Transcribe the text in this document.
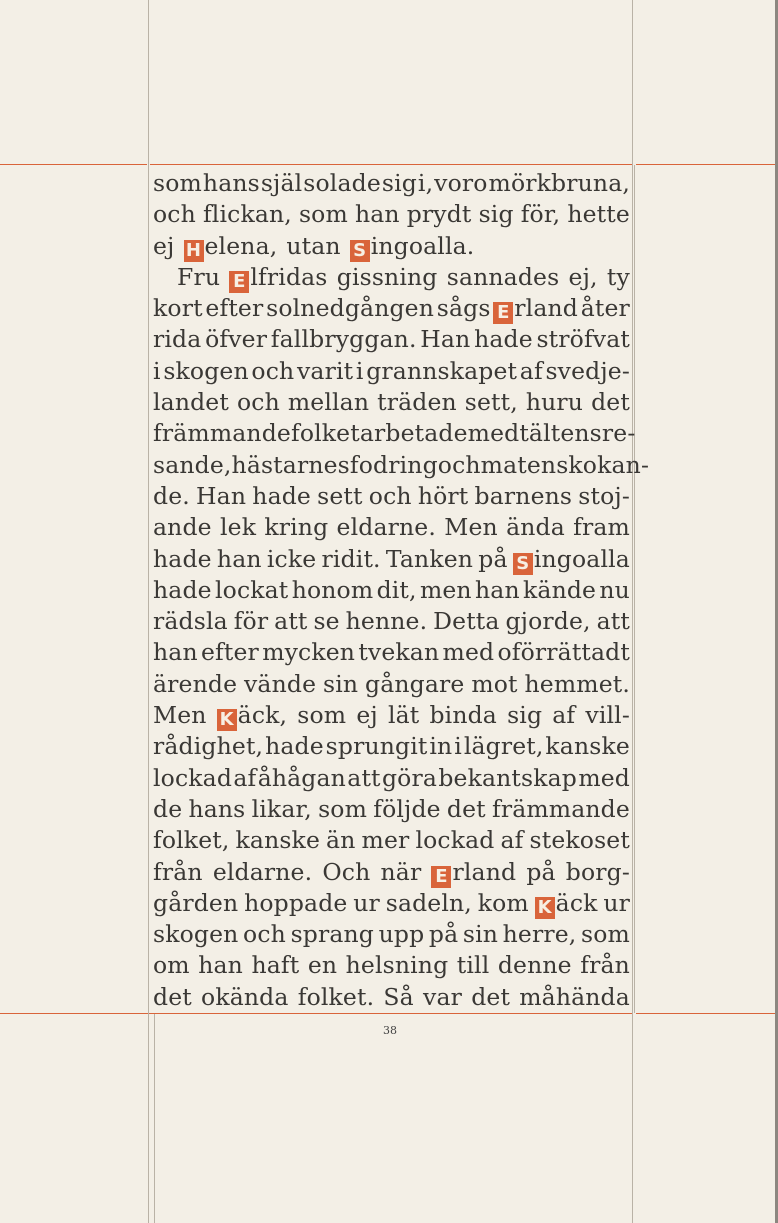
som hans själ solade sig i, voro mörkbruna,
och flickan, som han prydt sig för, hette
ej H elena, utan S ingoalla.
Fru E lfridas gissning sannades ej, ty
kort efter solnedgången sågs E rland åter
rida öfver fallbryggan. Han hade ströfvat
i skogen och varit i grannskapet af svedje-
landet och mellan träden sett, huru det
främmande folket arbetade med tältens re-
sande, hästarnes fodring och matens kokan-
de. Han hade sett och hört barnens stoj-
ande lek kring eldarne. Men ända fram
hade han icke ridit. Tanken på S ingoalla
hade lockat honom dit, men han kände nu
rädsla för att se henne. Detta gjorde, att
han efter mycken tvekan med oförrättadt
ärende vände sin gångare mot hemmet.
Men K äck, som ej lät binda sig af vill-
rådighet, hade sprungit in i lägret, kanske
lockad af åhågan att göra bekantskap med
de hans likar, som följde det främmande
folket, kanske än mer lockad af stekoset
från eldarne. Och när E rland på borg-
gården hoppade ur sadeln, kom K äck ur
skogen och sprang upp på sin herre, som
om han haft en helsning till denne från
det okända folket. Så var det måhända
38
